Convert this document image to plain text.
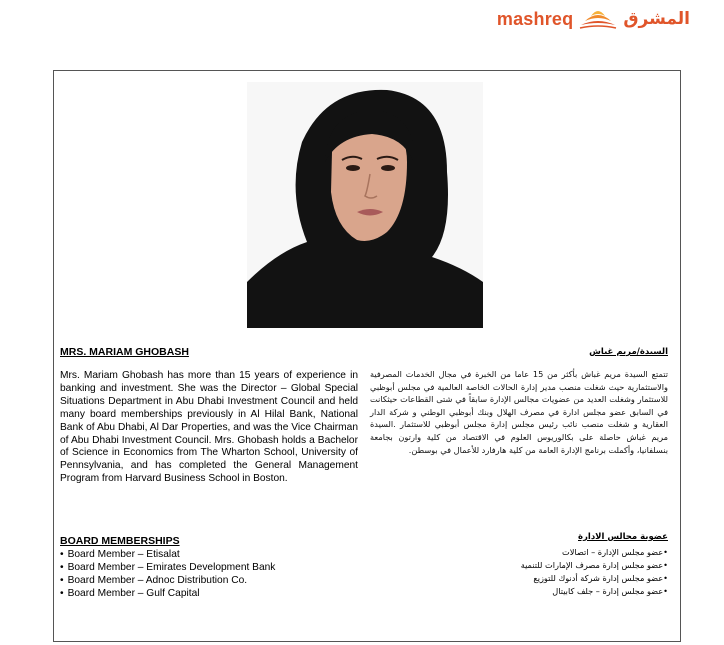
mashreq	المشرق
MRS. MARIAM GHOBASH
Mrs. Mariam Ghobash has more than 15 years of experience in banking and investment. She was the Director – Global Special Situations Department in Abu Dhabi Investment Council and held many board memberships previously in Al Hilal Bank, National Bank of Abu Dhabi, Al Dar Properties, and was the Vice Chairman of Abu Dhabi Investment Council. Mrs. Ghobash holds a Bachelor of Science in Economics from The Wharton School, University of Pennsylvania, and has completed the General Management Program from Harvard Business School in Boston.
BOARD MEMBERSHIPS
• Board Member – Etisalat
• Board Member – Emirates Development Bank
• Board Member – Adnoc Distribution Co.
• Board Member – Gulf Capital
السيدة/مريم غباش
تتمتع السيدة مريم غباش بأكثر من 15 عاما من الخبرة في مجال الخدمات المصرفية والاستثمارية حيث شغلت منصب مدير إدارة الحالات الخاصة العالمية في مجلس أبوظبي للاستثمار وشغلت العديد من عضويات مجالس الإدارة سابقاً في شتى القطاعات حيثكانت في السابق عضو مجلس ادارة في مصرف الهلال وبنك أبوظبي الوطني و شركة الدار العقارية و شغلت منصب نائب رئيس مجلس إدارة مجلس أبوظبي للاستثمار .السيدة مريم غباش حاصلة على بكالوريوس العلوم في الاقتصاد من كلية وارتون بجامعة بنسلفانيا، وأكملت برنامج الإدارة العامة من كلية هارفارد للأعمال في بوسطن.
عضوية مجالس الادارة
•عضو مجلس الإدارة – اتصالات
•عضو مجلس إدارة مصرف الإمارات للتنمية
•عضو مجلس إدارة شركة أدنوك للتوزيع
•عضو مجلس إدارة – جلف كابيتال
